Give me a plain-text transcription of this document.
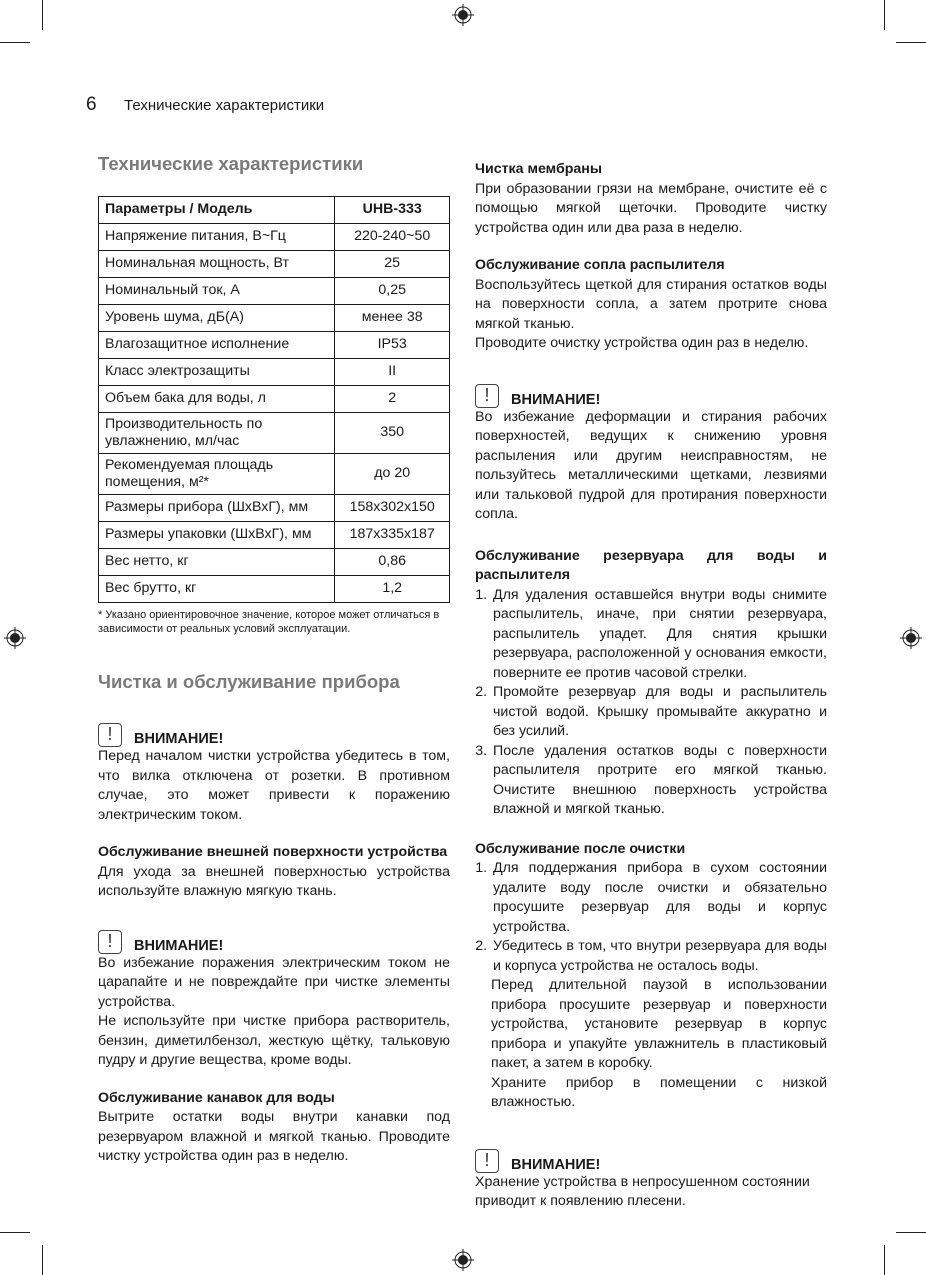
6 Технические характеристики
Технические характеристики
Параметры / Модель	UHB-333
Напряжение питания, В~Гц	220-240~50
Номинальная мощность, Вт	25
Номинальный ток, А	0,25
Уровень шума, дБ(А)	менее 38
Влагозащитное исполнение	IP53
Класс электрозащиты	II
Объем бака для воды, л	2
Производительность по увлажнению, мл/час	350
Рекомендуемая площадь помещения, м²*	до 20
Размеры прибора (ШхВхГ), мм	158x302x150
Размеры упаковки (ШхВхГ), мм	187x335x187
Вес нетто, кг	0,86
Вес брутто, кг	1,2
* Указано ориентировочное значение, которое может отличаться в зависимости от реальных условий эксплуатации.
Чистка и обслуживание прибора
!	ВНИМАНИЕ!

Перед началом чистки устройства убедитесь в том, что вилка отключена от розетки. В противном случае, это может привести к поражению электрическим током.

Обслуживание внешней поверхности устройства

Для ухода за внешней поверхностью устройства используйте влажную мягкую ткань.

!	ВНИМАНИЕ!

Во избежание поражения электрическим током не царапайте и не повреждайте при чистке элементы устройства.

Не используйте при чистке прибора растворитель, бензин, диметилбензол, жесткую щётку, тальковую пудру и другие вещества, кроме воды.

Обслуживание канавок для воды

Вытрите остатки воды внутри канавки под резервуаром влажной и мягкой тканью. Проводите чистку устройства один раз в неделю.

Чистка мембраны

При образовании грязи на мембране, очистите её с помощью мягкой щеточки. Проводите чистку устройства один или два раза в неделю.

Обслуживание сопла распылителя

Воспользуйтесь щеткой для стирания остатков воды на поверхности сопла, а затем протрите снова мягкой тканью.

Проводите очистку устройства один раз в неделю.

!	ВНИМАНИЕ!

Во избежание деформации и стирания рабочих поверхностей, ведущих к снижению уровня распыления или другим неисправностям, не пользуйтесь металлическими щетками, лезвиями или тальковой пудрой для протирания поверхности сопла.

Обслуживание резервуара для воды и распылителя
1. Для удаления оставшейся внутри воды снимите распылитель, иначе, при снятии резервуара, распылитель упадет. Для снятия крышки резервуара, расположенной у основания емкости, поверните ее против часовой стрелки.
2. Промойте резервуар для воды и распылитель чистой водой. Крышку промывайте аккуратно и без усилий.
3. После удаления остатков воды с поверхности распылителя протрите его мягкой тканью. Очистите внешнюю поверхность устройства влажной и мягкой тканью.
Обслуживание после очистки
1. Для поддержания прибора в сухом состоянии удалите воду после очистки и обязательно просушите резервуар для воды и корпус устройства.
2. Убедитесь в том, что внутри резервуара для воды и корпуса устройства не осталось воды.

Перед длительной паузой в использовании прибора просушите резервуар и поверхности устройства, установите резервуар в корпус прибора и упакуйте увлажнитель в пластиковый пакет, а затем в коробку.

Храните прибор в помещении с низкой влажностью.

!	ВНИМАНИЕ!

Хранение устройства в непросушенном состоянии приводит к появлению плесени.
